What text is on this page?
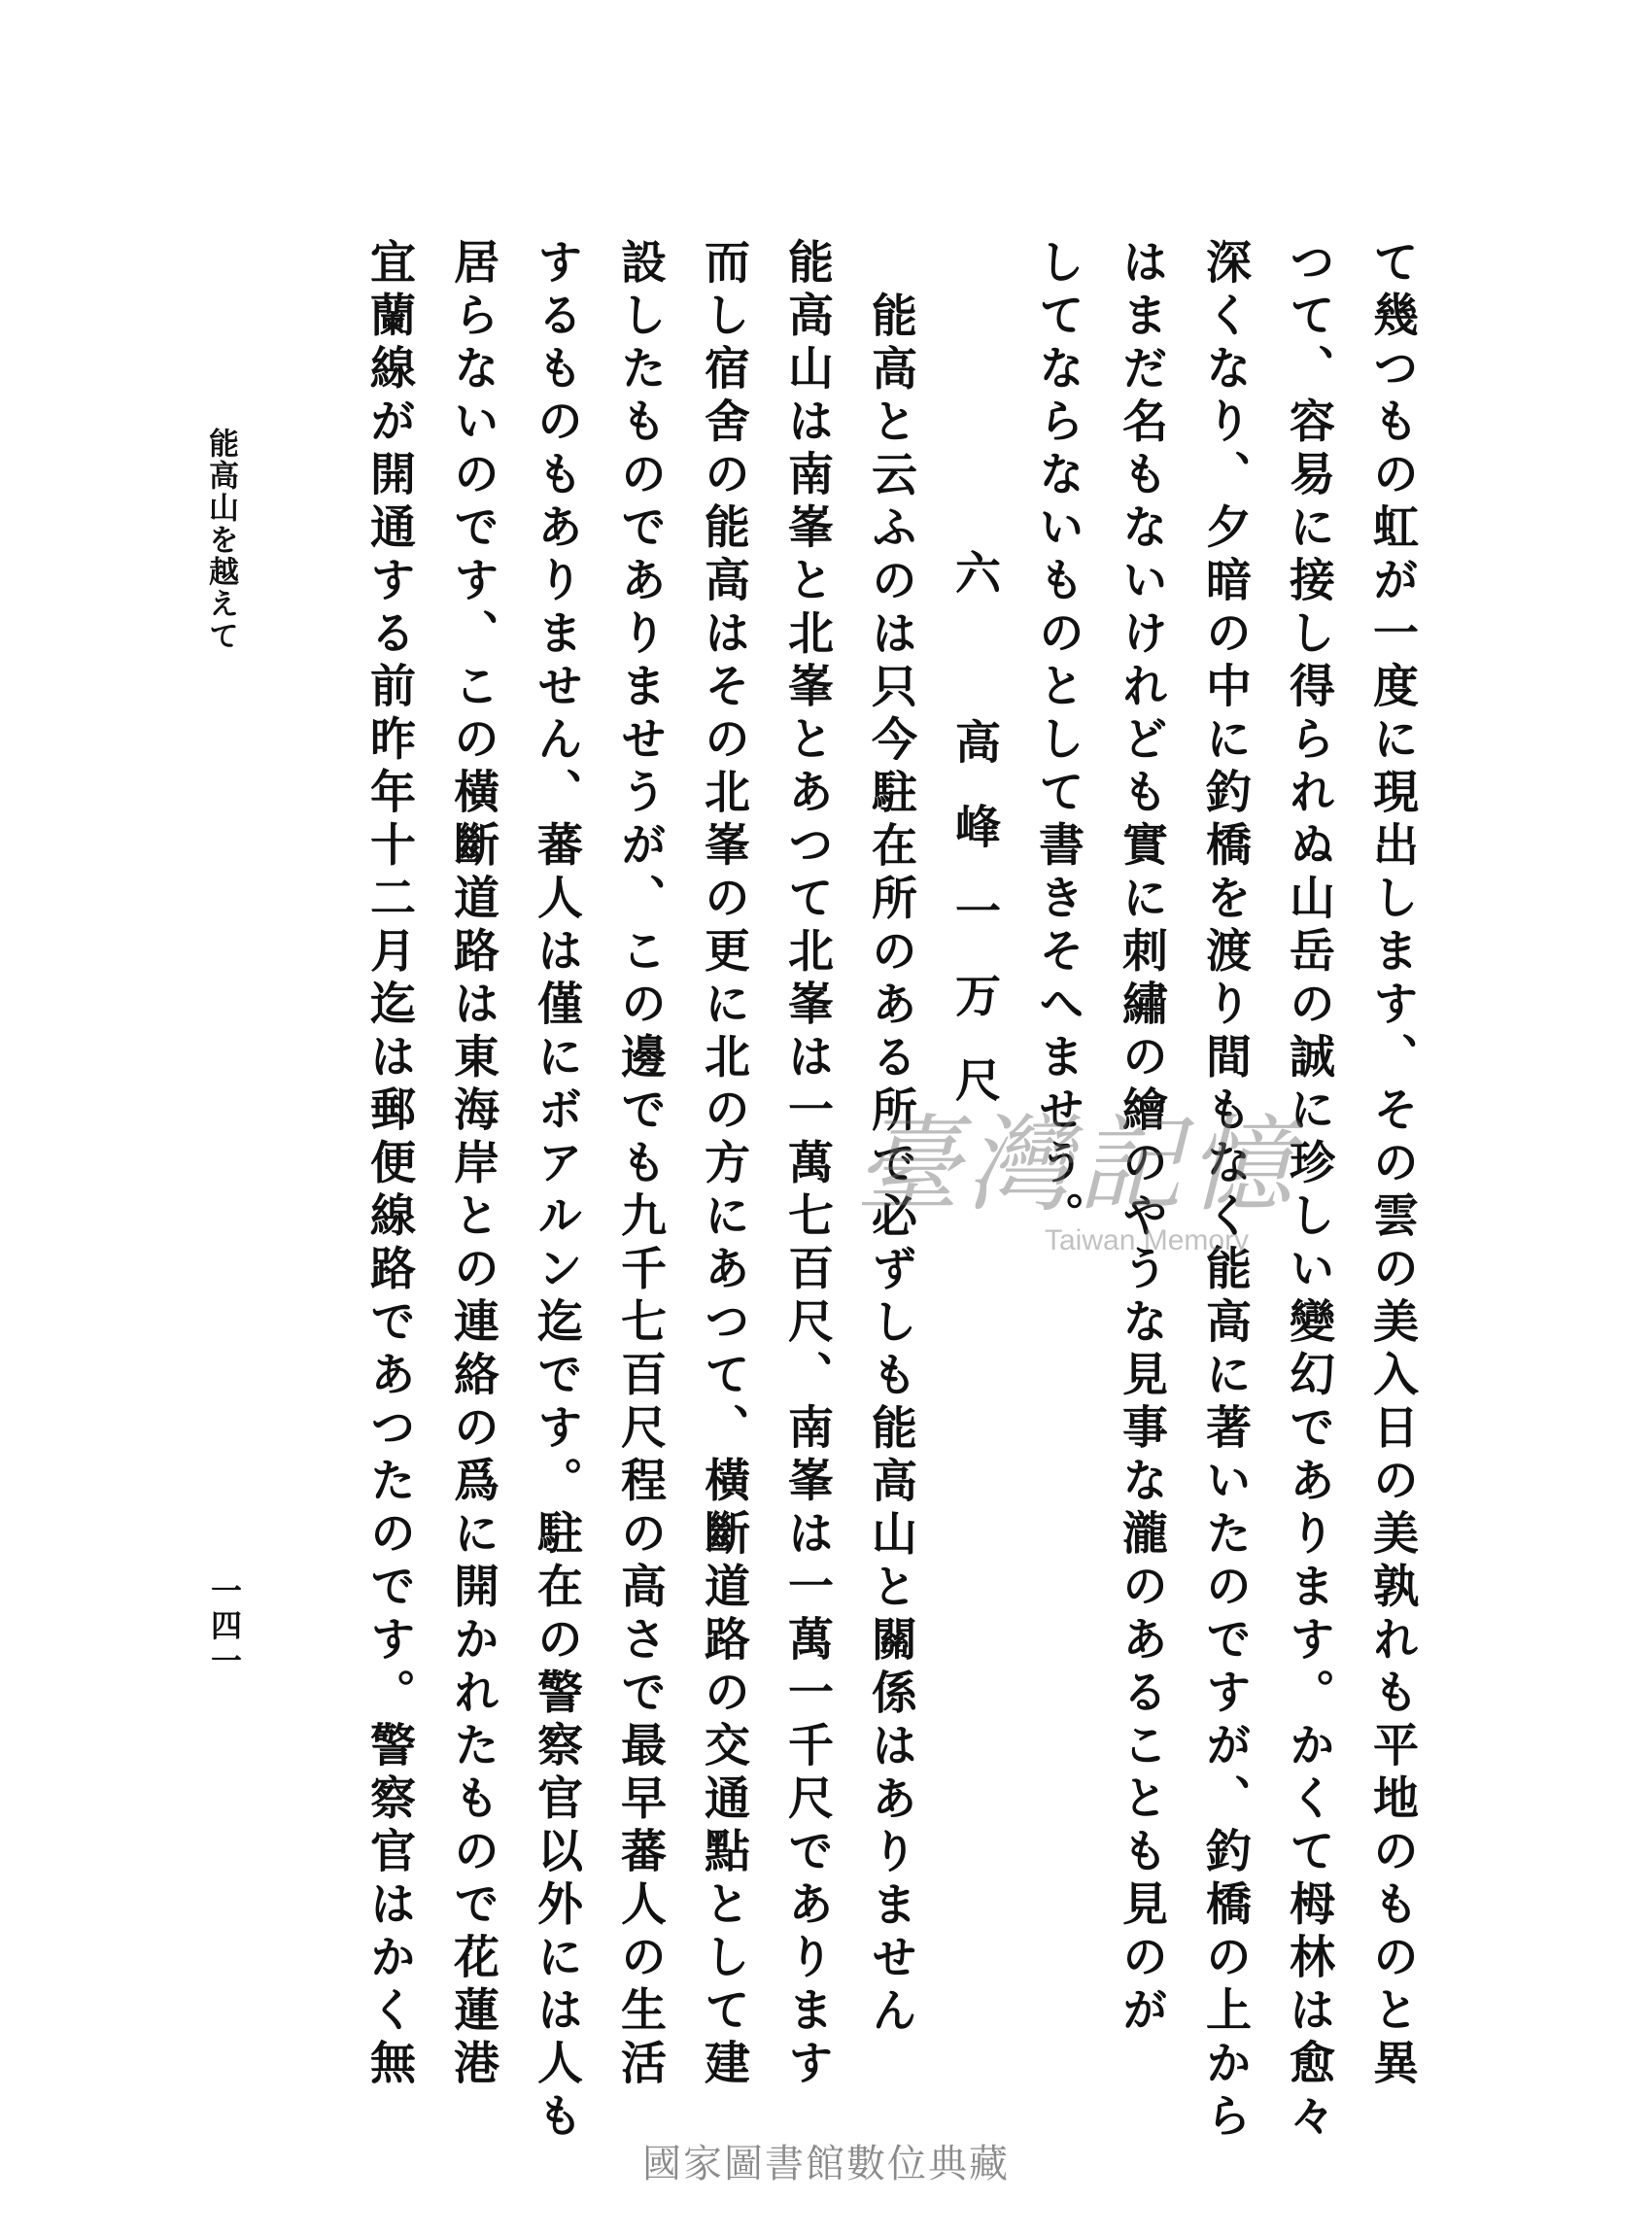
て幾つもの虹が一度に現出します、その雲の美入日の美孰れも平地のものと異
つて、容易に接し得られぬ山岳の誠に珍しい變幻であります。かくて栂林は愈々
深くなり、夕暗の中に釣橋を渡り間もなく能高に著いたのですが、釣橋の上から
はまだ名もないけれども實に刺繡の繪のやうな見事な瀧のあることも見のが
してならないものとして書きそへませう。
六　高峰一万尺
能高と云ふのは只今駐在所のある所で必ずしも能高山と關係はありません
能高山は南峯と北峯とあつて北峯は一萬七百尺、南峯は一萬一千尺であります
而し宿舍の能高はその北峯の更に北の方にあつて、橫斷道路の交通點として建
設したものでありませうが、この邊でも九千七百尺程の高さで最早蕃人の生活
するものもありません、蕃人は僅にボアルン迄です。駐在の警察官以外には人も
居らないのです、この橫斷道路は東海岸との連絡の爲に開かれたもので花蓮港
宜蘭線が開通する前昨年十二月迄は郵便線路であつたのです。警察官はかく無
能高山を越えて
一四一
臺灣記憶
Taiwan Memory
國家圖書館數位典藏
